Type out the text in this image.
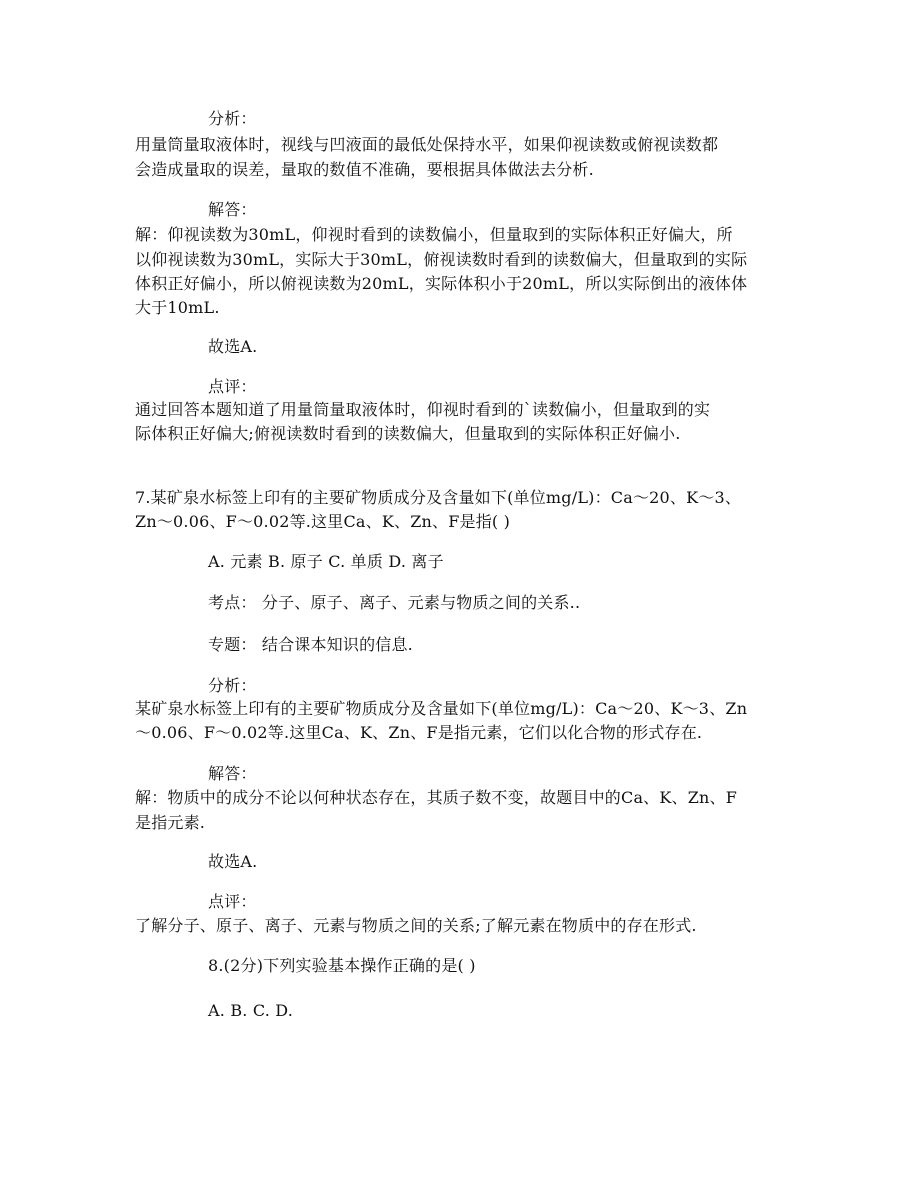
分析：
用量筒量取液体时，视线与凹液面的最低处保持水平，如果仰视读数或俯视读数都
会造成量取的误差，量取的数值不准确，要根据具体做法去分析.
解答：
解：仰视读数为30mL，仰视时看到的读数偏小，但量取到的实际体积正好偏大，所
以仰视读数为30mL，实际大于30mL，俯视读数时看到的读数偏大，但量取到的实际
体积正好偏小，所以俯视读数为20mL，实际体积小于20mL，所以实际倒出的液体体
大于10mL.
故选A.
点评：
通过回答本题知道了用量筒量取液体时，仰视时看到的`读数偏小，但量取到的实
际体积正好偏大;俯视读数时看到的读数偏大，但量取到的实际体积正好偏小.
7.某矿泉水标签上印有的主要矿物质成分及含量如下(单位mg/L)：Ca～20、K～3、
Zn～0.06、F～0.02等.这里Ca、K、Zn、F是指( )
A. 元素 B. 原子 C. 单质 D. 离子
考点： 分子、原子、离子、元素与物质之间的关系..
专题： 结合课本知识的信息.
分析：
某矿泉水标签上印有的主要矿物质成分及含量如下(单位mg/L)：Ca～20、K～3、Zn
～0.06、F～0.02等.这里Ca、K、Zn、F是指元素，它们以化合物的形式存在.
解答：
解：物质中的成分不论以何种状态存在，其质子数不变，故题目中的Ca、K、Zn、F
是指元素.
故选A.
点评：
了解分子、原子、离子、元素与物质之间的关系;了解元素在物质中的存在形式.
8.(2分)下列实验基本操作正确的是( )
A. B. C. D.
